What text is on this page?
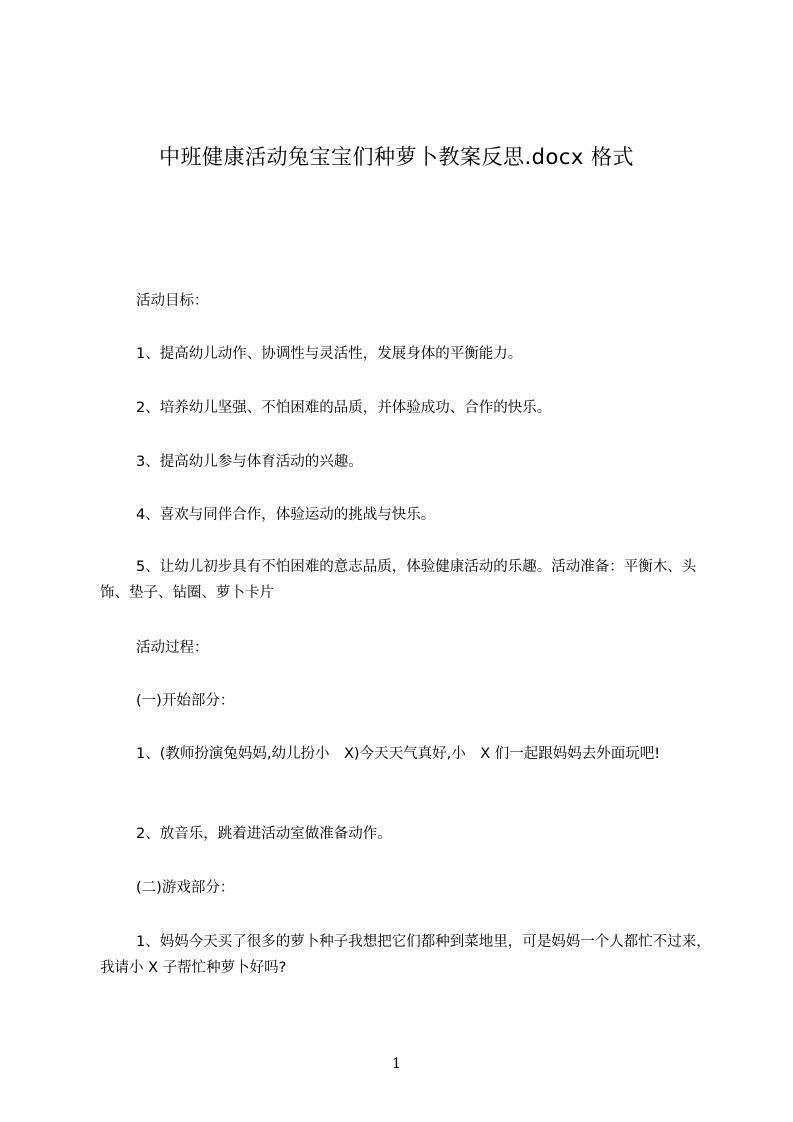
中班健康活动兔宝宝们种萝卜教案反思.docx 格式

活动目标：

1、提高幼儿动作、协调性与灵活性，发展身体的平衡能力。

2、培养幼儿坚强、不怕困难的品质，并体验成功、合作的快乐。

3、提高幼儿参与体育活动的兴趣。

4、喜欢与同伴合作，体验运动的挑战与快乐。

5、让幼儿初步具有不怕困难的意志品质，体验健康活动的乐趣。活动准备：平衡木、头饰、垫子、钻圈、萝卜卡片

活动过程：

(一)开始部分：

1、(教师扮演兔妈妈,幼儿扮小　X)今天天气真好,小　X 们一起跟妈妈去外面玩吧!

2、放音乐，跳着进活动室做准备动作。

(二)游戏部分：

1、妈妈今天买了很多的萝卜种子我想把它们都种到菜地里，可是妈妈一个人都忙不过来，我请小 X 子帮忙种萝卜好吗?

1
